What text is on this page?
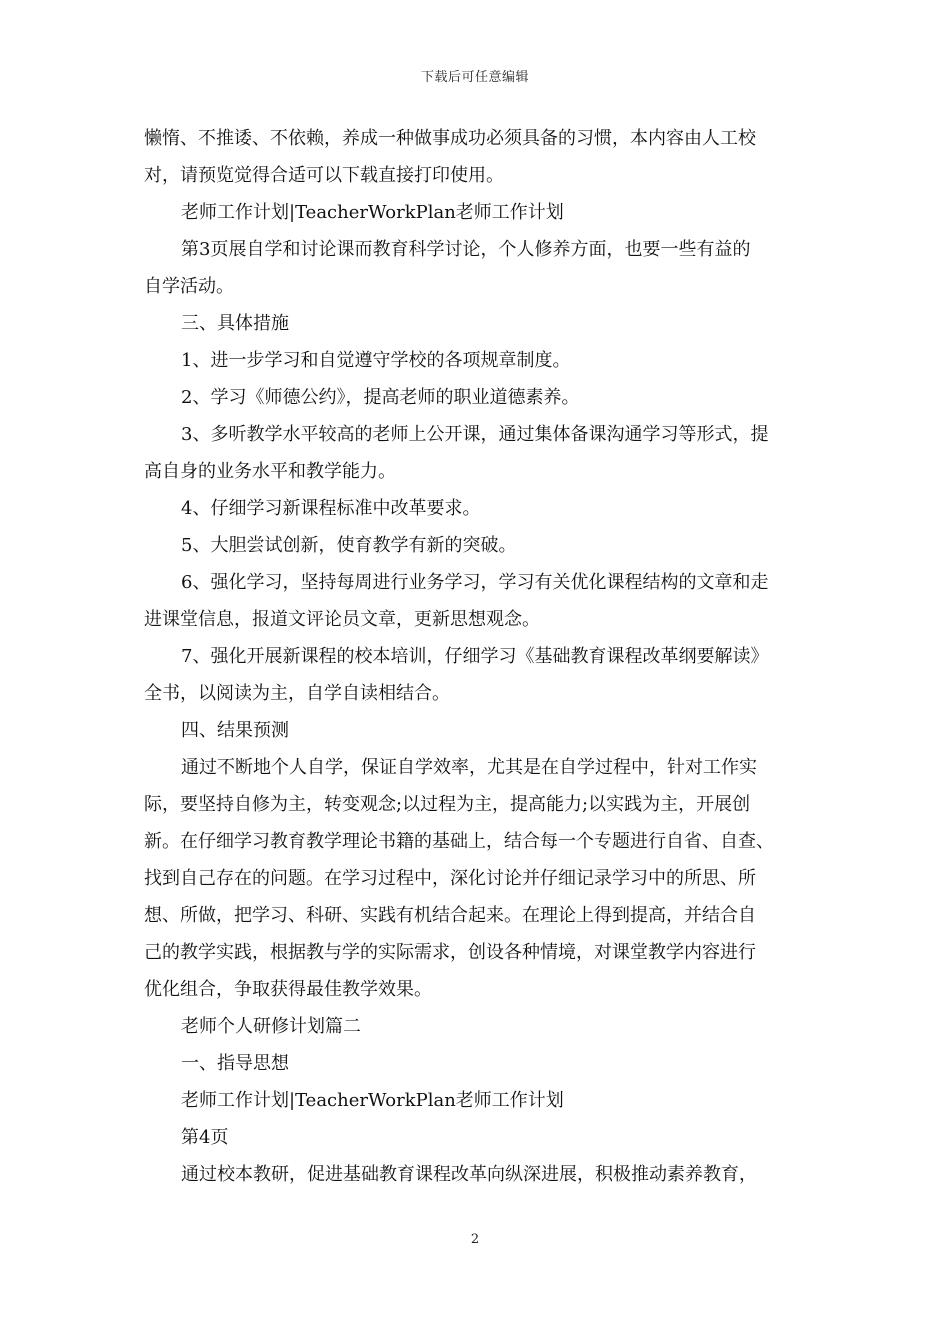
下载后可任意编辑
懒惰、不推诿、不依赖，养成一种做事成功必须具备的习惯，本内容由人工校
对，请预览觉得合适可以下载直接打印使用。
老师工作计划|TeacherWorkPlan老师工作计划
第3页展自学和讨论课而教育科学讨论，个人修养方面，也要一些有益的
自学活动。
三、具体措施
1、进一步学习和自觉遵守学校的各项规章制度。
2、学习《师德公约》，提高老师的职业道德素养。
3、多听教学水平较高的老师上公开课，通过集体备课沟通学习等形式，提
高自身的业务水平和教学能力。
4、仔细学习新课程标准中改革要求。
5、大胆尝试创新，使育教学有新的突破。
6、强化学习，坚持每周进行业务学习，学习有关优化课程结构的文章和走
进课堂信息，报道文评论员文章，更新思想观念。
7、强化开展新课程的校本培训，仔细学习《基础教育课程改革纲要解读》
全书，以阅读为主，自学自读相结合。
四、结果预测
通过不断地个人自学，保证自学效率，尤其是在自学过程中，针对工作实
际，要坚持自修为主，转变观念;以过程为主，提高能力;以实践为主，开展创
新。在仔细学习教育教学理论书籍的基础上，结合每一个专题进行自省、自查、
找到自己存在的问题。在学习过程中，深化讨论并仔细记录学习中的所思、所
想、所做，把学习、科研、实践有机结合起来。在理论上得到提高，并结合自
己的教学实践，根据教与学的实际需求，创设各种情境，对课堂教学内容进行
优化组合，争取获得最佳教学效果。
老师个人研修计划篇二
一、指导思想
老师工作计划|TeacherWorkPlan老师工作计划
第4页
通过校本教研，促进基础教育课程改革向纵深进展，积极推动素养教育，
2
